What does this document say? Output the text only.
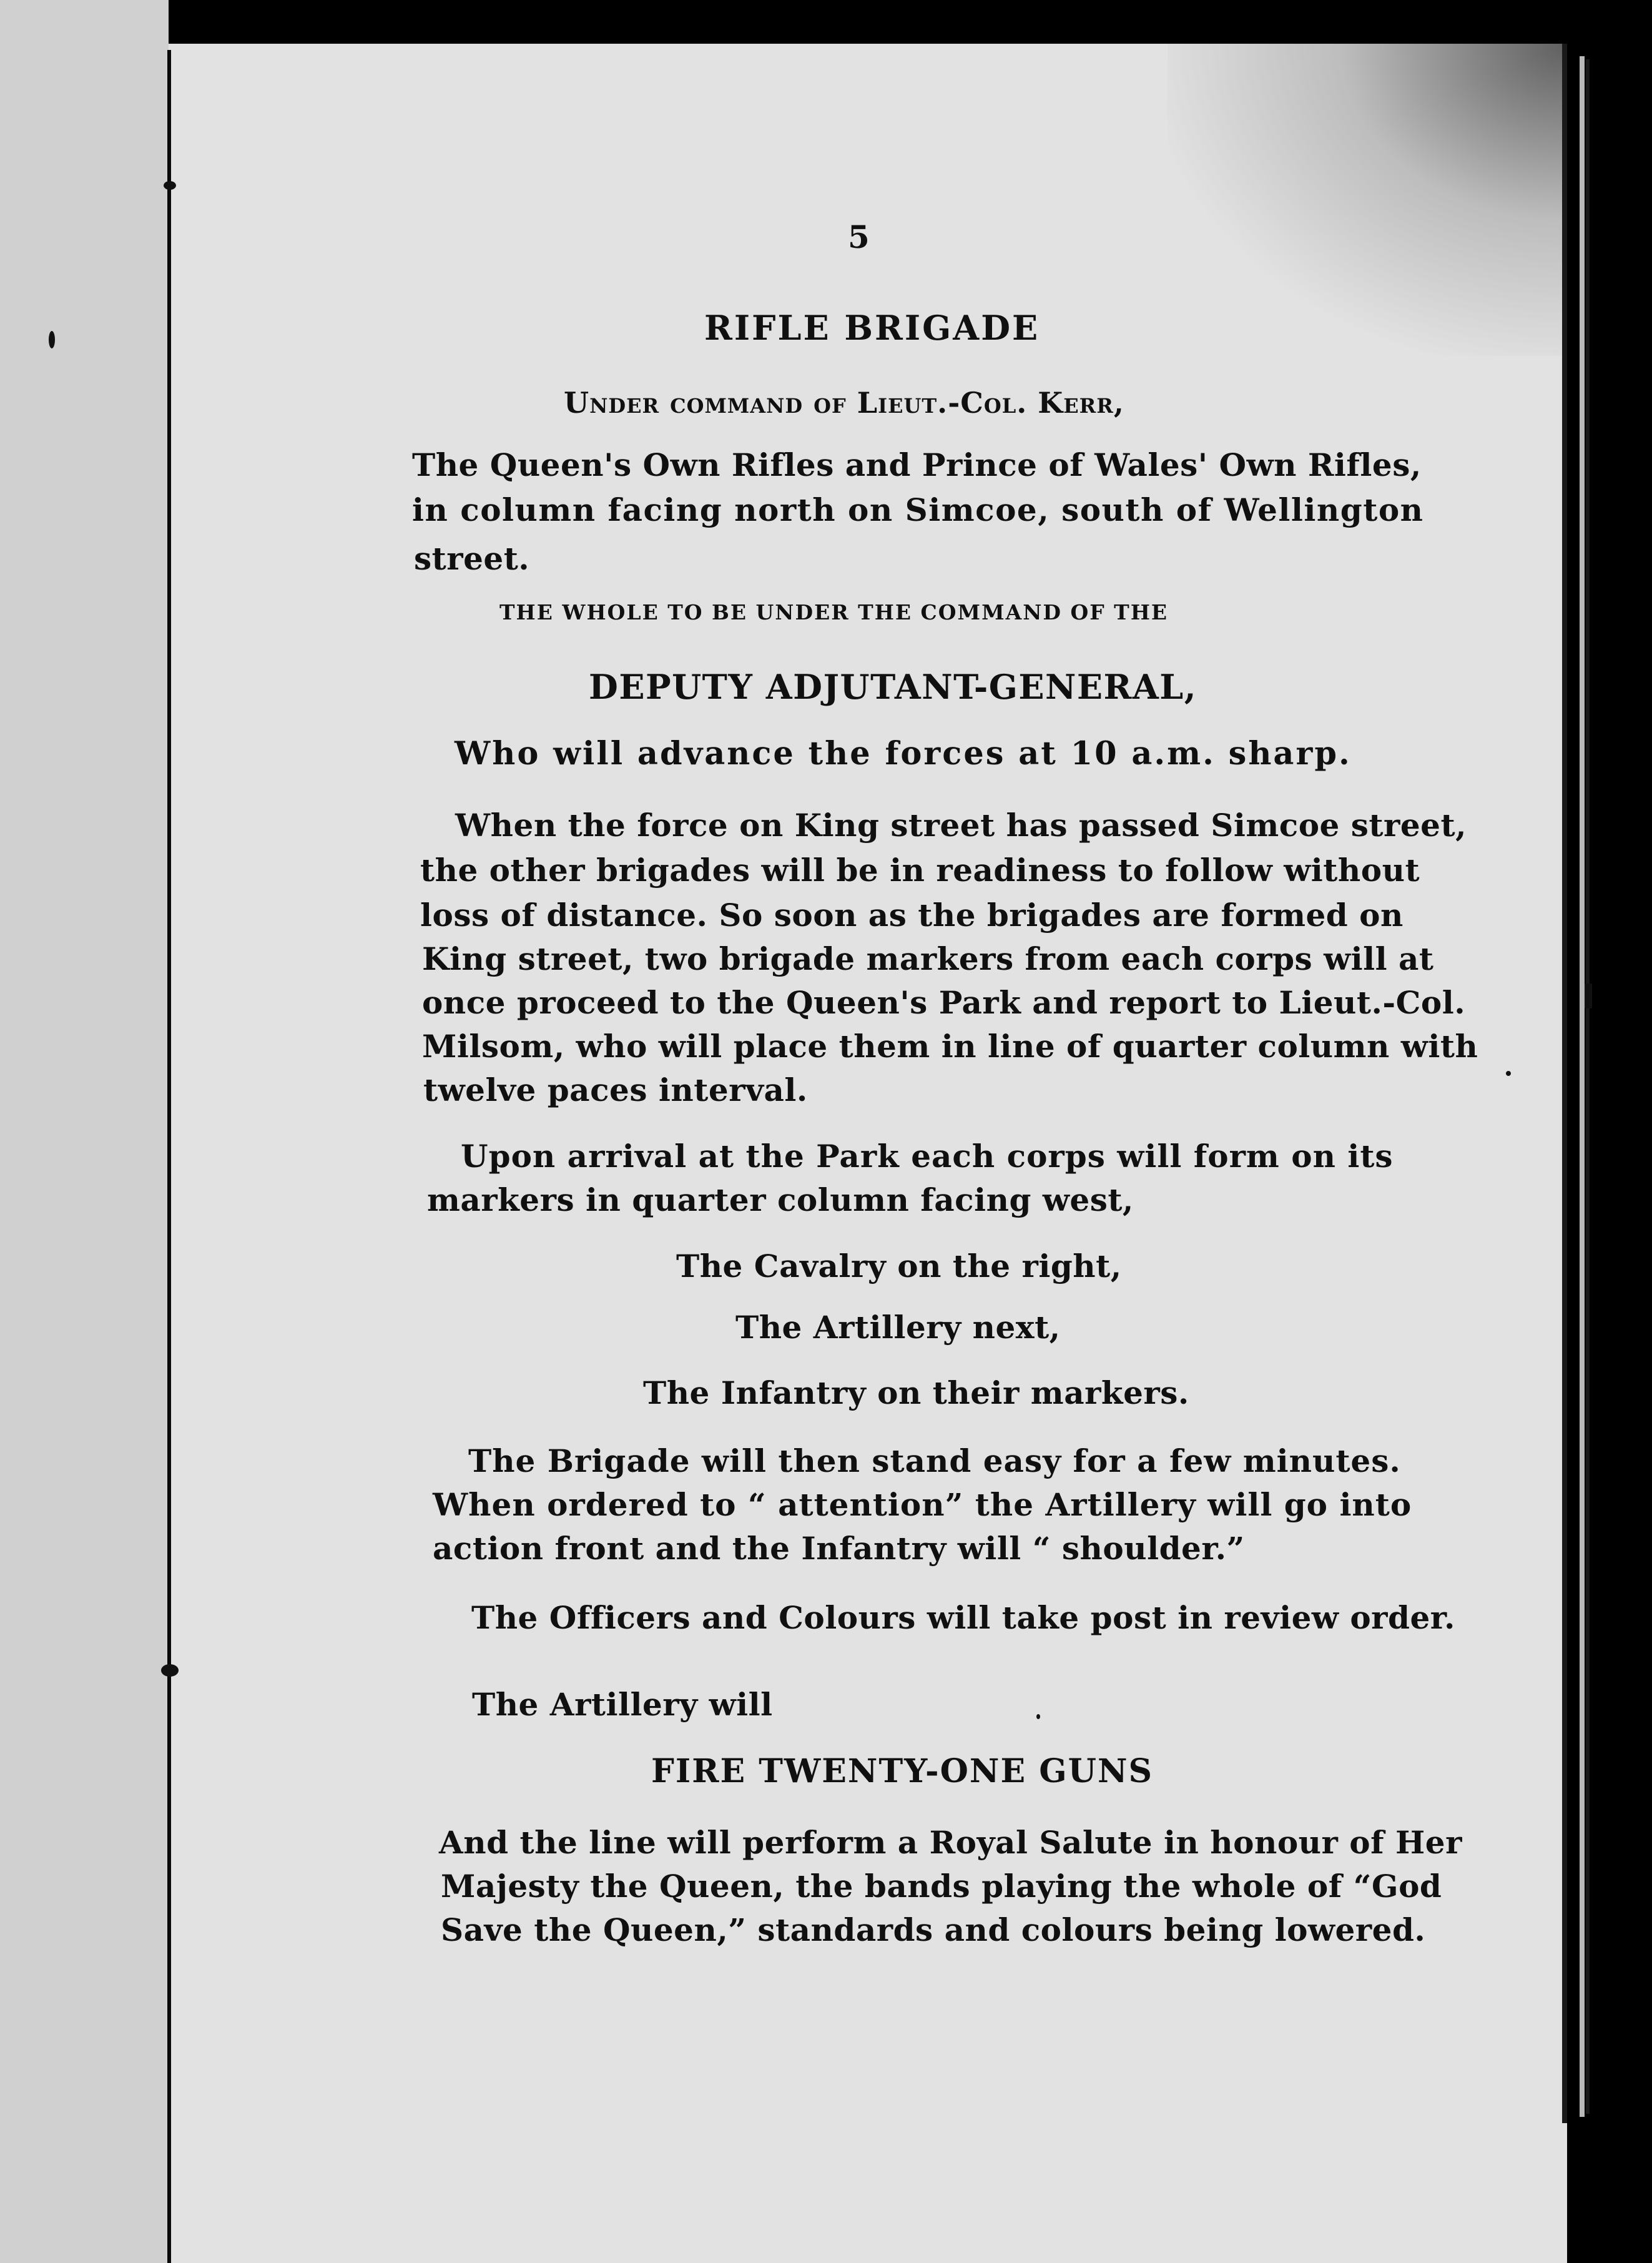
5
RIFLE BRIGADE
Under command of Lieut.-Col. Kerr,
The Queen's Own Rifles and Prince of Wales' Own Rifles,
in column facing north on Simcoe, south of Wellington
street.
THE WHOLE TO BE UNDER THE COMMAND OF THE
DEPUTY ADJUTANT-GENERAL,
Who will advance the forces at 10 a.m. sharp.
When the force on King street has passed Simcoe street,
the other brigades will be in readiness to follow without
loss of distance. So soon as the brigades are formed on
King street, two brigade markers from each corps will at
once proceed to the Queen's Park and report to Lieut.-Col.
Milsom, who will place them in line of quarter column with
twelve paces interval.
Upon arrival at the Park each corps will form on its
markers in quarter column facing west,
The Cavalry on the right,
The Artillery next,
The Infantry on their markers.
The Brigade will then stand easy for a few minutes.
When ordered to “ attention” the Artillery will go into
action front and the Infantry will “ shoulder.”
The Officers and Colours will take post in review order.
The Artillery will
FIRE TWENTY-ONE GUNS
And the line will perform a Royal Salute in honour of Her
Majesty the Queen, the bands playing the whole of “God
Save the Queen,” standards and colours being lowered.
